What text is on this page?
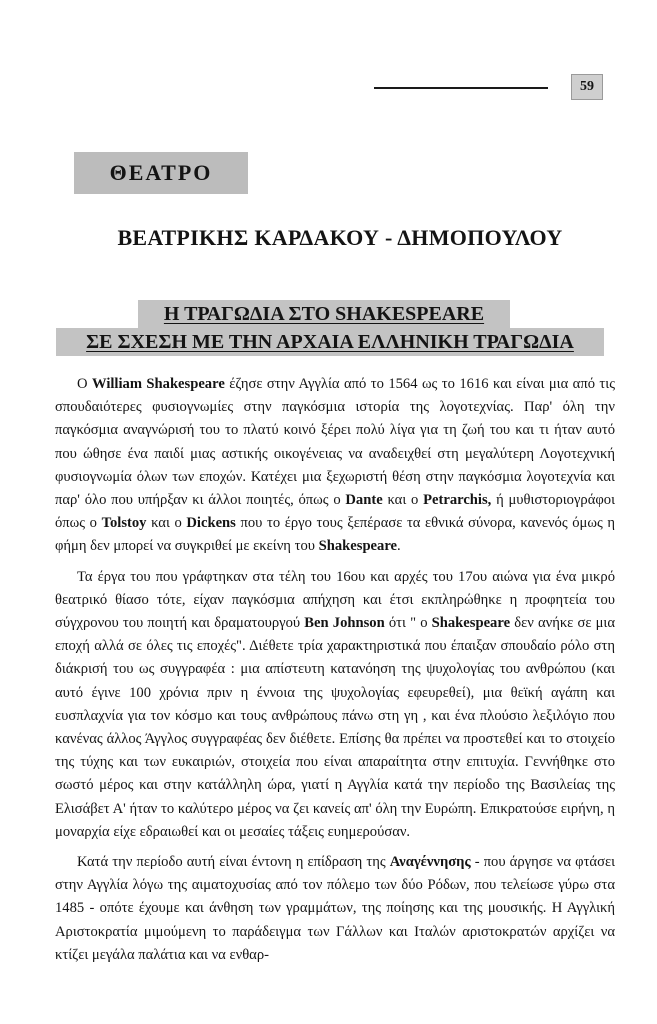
59
ΘΕΑΤΡΟ
ΒΕΑΤΡΙΚΗΣ ΚΑΡΔΑΚΟΥ - ΔΗΜΟΠΟΥΛΟΥ
Η ΤΡΑΓΩΔΙΑ ΣΤΟ SHAKESPEARE
ΣΕ ΣΧΕΣΗ ΜΕ ΤΗΝ ΑΡΧΑΙΑ ΕΛΛΗΝΙΚΗ ΤΡΑΓΩΔΙΑ

Ο William Shakespeare έζησε στην Αγγλία από το 1564 ως το 1616 και είναι μια από τις σπουδαιότερες φυσιογνωμίες στην παγκόσμια ιστορία της λογοτεχνίας. Παρ' όλη την παγκόσμια αναγνώρισή του το πλατύ κοινό ξέρει πολύ λίγα για τη ζωή του και τι ήταν αυτό που ώθησε ένα παιδί μιας αστικής οικογένειας να αναδειχθεί στη μεγαλύτερη Λογοτεχνική φυσιογνωμία όλων των εποχών. Κατέχει μια ξεχωριστή θέση στην παγκόσμια λογοτεχνία και παρ' όλο που υπήρξαν κι άλλοι ποιητές, όπως ο Dante και ο Petrarchis, ή μυθιστοριογράφοι όπως ο Tolstoy και ο Dickens που το έργο τους ξεπέρασε τα εθνικά σύνορα, κανενός όμως η φήμη δεν μπορεί να συγκριθεί με εκείνη του Shakespeare.

Τα έργα του που γράφτηκαν στα τέλη του 16ου και αρχές του 17ου αιώνα για ένα μικρό θεατρικό θίασο τότε, είχαν παγκόσμια απήχηση και έτσι εκπληρώθηκε η προφητεία του σύγχρονου του ποιητή και δραματουργού Ben Johnson ότι " ο Shakespeare δεν ανήκε σε μια εποχή αλλά σε όλες τις εποχές". Διέθετε τρία χαρακτηριστικά που έπαιξαν σπουδαίο ρόλο στη διάκρισή του ως συγγραφέα : μια απίστευτη κατανόηση της ψυχολογίας του ανθρώπου (και αυτό έγινε 100 χρόνια πριν η έννοια της ψυχολογίας εφευρεθεί), μια θεϊκή αγάπη και ευσπλαχνία για τον κόσμο και τους ανθρώπους πάνω στη γη , και ένα πλούσιο λεξιλόγιο που κανένας άλλος Άγγλος συγγραφέας δεν διέθετε. Επίσης θα πρέπει να προστεθεί και το στοιχείο της τύχης και των ευκαιριών, στοιχεία που είναι απαραίτητα στην επιτυχία. Γεννήθηκε στο σωστό μέρος και στην κατάλληλη ώρα, γιατί η Αγγλία κατά την περίοδο της Βασιλείας της Ελισάβετ Α' ήταν το καλύτερο μέρος να ζει κανείς απ' όλη την Ευρώπη. Επικρατούσε ειρήνη, η μοναρχία είχε εδραιωθεί και οι μεσαίες τάξεις ευημερούσαν.

Κατά την περίοδο αυτή είναι έντονη η επίδραση της Αναγέννησης - που άργησε να φτάσει στην Αγγλία λόγω της αιματοχυσίας από τον πόλεμο των δύο Ρόδων, που τελείωσε γύρω στα 1485 - οπότε έχουμε και άνθηση των γραμμάτων, της ποίησης και της μουσικής. Η Αγγλική Αριστοκρατία μιμούμενη το παράδειγμα των Γάλλων και Ιταλών αριστοκρατών αρχίζει να κτίζει μεγάλα παλάτια και να ενθαρ-
